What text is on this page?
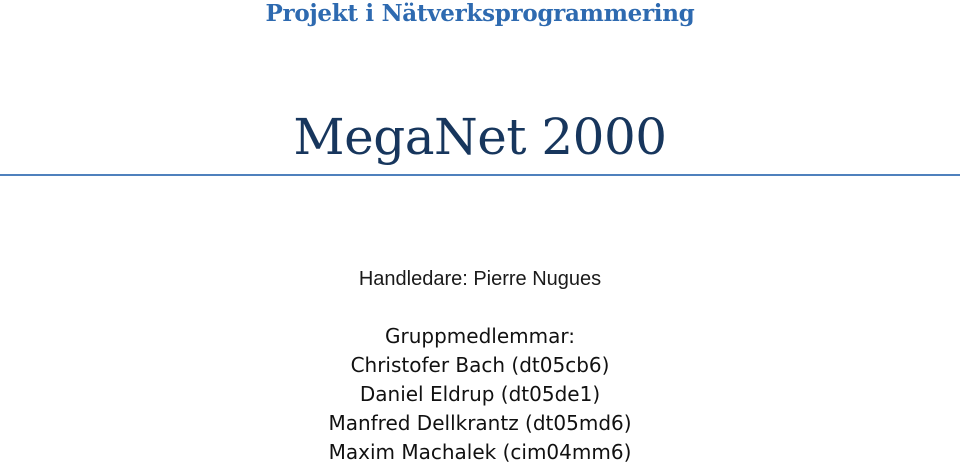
Projekt i Nätverksprogrammering
MegaNet 2000
Handledare: Pierre Nugues
Gruppmedlemmar:
Christofer Bach (dt05cb6)
Daniel Eldrup (dt05de1)
Manfred Dellkrantz (dt05md6)
Maxim Machalek (cim04mm6)
